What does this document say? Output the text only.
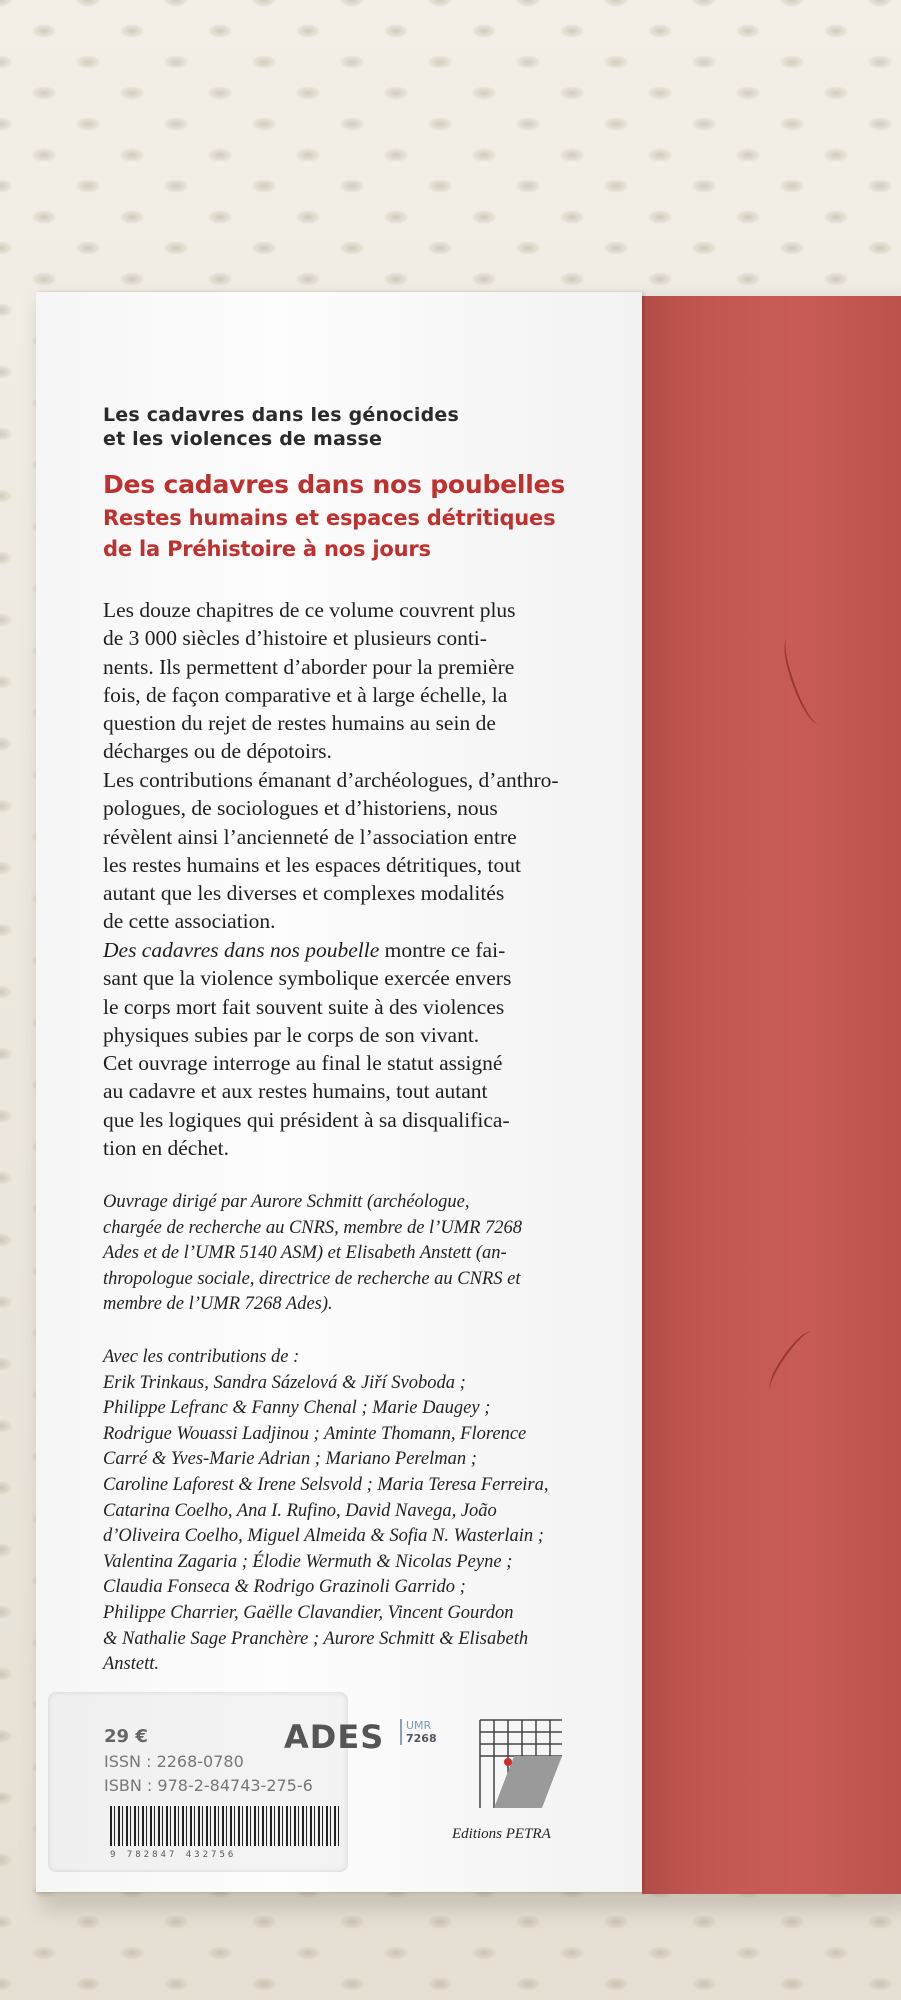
Les cadavres dans les génocides
et les violences de masse
Des cadavres dans nos poubelles
Restes humains et espaces détritiques
de la Préhistoire à nos jours
Les douze chapitres de ce volume couvrent plus
de 3 000 siècles d’histoire et plusieurs conti-
nents. Ils permettent d’aborder pour la première
fois, de façon comparative et à large échelle, la
question du rejet de restes humains au sein de
décharges ou de dépotoirs.
Les contributions émanant d’archéologues, d’anthro-
pologues, de sociologues et d’historiens, nous
révèlent ainsi l’ancienneté de l’association entre
les restes humains et les espaces détritiques, tout
autant que les diverses et complexes modalités
de cette association.
Des cadavres dans nos poubelle montre ce fai-
sant que la violence symbolique exercée envers
le corps mort fait souvent suite à des violences
physiques subies par le corps de son vivant.
Cet ouvrage interroge au final le statut assigné
au cadavre et aux restes humains, tout autant
que les logiques qui président à sa disqualifica-
tion en déchet.
Ouvrage dirigé par Aurore Schmitt (archéologue,
chargée de recherche au CNRS, membre de l’UMR 7268
Ades et de l’UMR 5140 ASM) et Elisabeth Anstett (an-
thropologue sociale, directrice de recherche au CNRS et
membre de l’UMR 7268 Ades).
Avec les contributions de :
Erik Trinkaus, Sandra Sázelová & Jiří Svoboda ;
Philippe Lefranc & Fanny Chenal ; Marie Daugey ;
Rodrigue Wouassi Ladjinou ; Aminte Thomann, Florence
Carré & Yves-Marie Adrian ; Mariano Perelman ;
Caroline Laforest & Irene Selsvold ; Maria Teresa Ferreira,
Catarina Coelho, Ana I. Rufino, David Navega, João
d’Oliveira Coelho, Miguel Almeida & Sofia N. Wasterlain ;
Valentina Zagaria ; Élodie Wermuth & Nicolas Peyne ;
Claudia Fonseca & Rodrigo Grazinoli Garrido ;
Philippe Charrier, Gaëlle Clavandier, Vincent Gourdon
& Nathalie Sage Pranchère ; Aurore Schmitt & Elisabeth
Anstett.
29 €
ISSN : 2268-0780
ISBN : 978-2-84743-275-6
9 782847 432756
ADES UMR
7268
Editions PETRA
